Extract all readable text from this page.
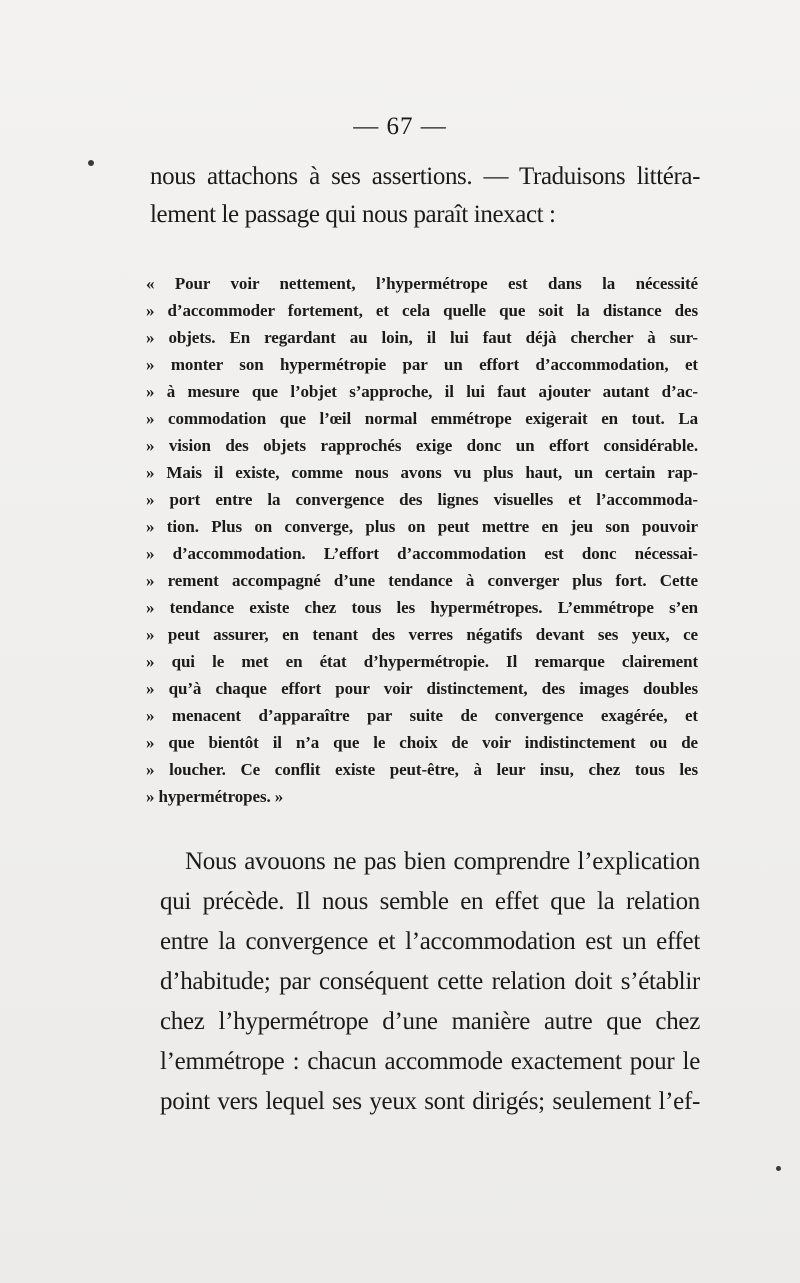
— 67 —
nous attachons à ses assertions. — Traduisons littéra-
lement le passage qui nous paraît inexact :
« Pour voir nettement, l’hypermétrope est dans la nécessité
» d’accommoder fortement, et cela quelle que soit la distance des
» objets. En regardant au loin, il lui faut déjà chercher à sur-
» monter son hypermétropie par un effort d’accommodation, et
» à mesure que l’objet s’approche, il lui faut ajouter autant d’ac-
» commodation que l’œil normal emmétrope exigerait en tout. La
» vision des objets rapprochés exige donc un effort considérable.
» Mais il existe, comme nous avons vu plus haut, un certain rap-
» port entre la convergence des lignes visuelles et l’accommoda-
» tion. Plus on converge, plus on peut mettre en jeu son pouvoir
» d’accommodation. L’effort d’accommodation est donc nécessai-
» rement accompagné d’une tendance à converger plus fort. Cette
» tendance existe chez tous les hypermétropes. L’emmétrope s’en
» peut assurer, en tenant des verres négatifs devant ses yeux, ce
» qui le met en état d’hypermétropie. Il remarque clairement
» qu’à chaque effort pour voir distinctement, des images doubles
» menacent d’apparaître par suite de convergence exagérée, et
» que bientôt il n’a que le choix de voir indistinctement ou de
» loucher. Ce conflit existe peut-être, à leur insu, chez tous les
» hypermétropes. »
Nous avouons ne pas bien comprendre l’explication
qui précède. Il nous semble en effet que la relation
entre la convergence et l’accommodation est un effet
d’habitude; par conséquent cette relation doit s’établir
chez l’hypermétrope d’une manière autre que chez
l’emmétrope : chacun accommode exactement pour le
point vers lequel ses yeux sont dirigés; seulement l’ef-
